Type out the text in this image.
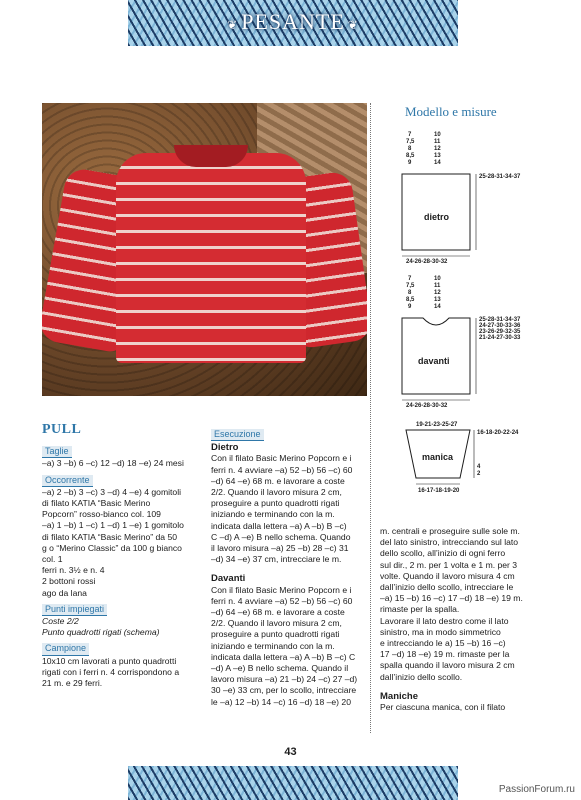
❦ PESANTE ❦
Modello e misure
7
7,5
8
8,5
9
10
11
12
13
14
25-28-31-34-37
dietro
24-26-28-30-32
7
7,5
8
8,5
9
10
11
12
13
14
25-28-31-34-37
24-27-30-33-36
23-26-29-32-35
21-24-27-30-33
davanti
24-26-28-30-32
19-21-23-25-27
manica
16-18-20-22-24
4
2
16-17-18-19-20
PULL
Taglie
–a) 3 –b) 6 –c) 12 –d) 18 –e) 24 mesi
Occorrente
–a) 2 –b) 3 –c) 3 –d) 4 –e) 4 gomitoli
di filato KATIA “Basic Merino
Popcorn” rosso-bianco col. 109
–a) 1 –b) 1 –c) 1 –d) 1 –e) 1 gomitolo
di filato KATIA “Basic Merino” da 50
g o “Merino Classic” da 100 g bianco
col. 1
ferri n. 3½ e n. 4
2 bottoni rossi
ago da lana
Punti impiegati
Coste 2/2
Punto quadrotti rigati (schema)
Campione
10x10 cm lavorati a punto quadrotti
rigati con i ferri n. 4 corrispondono a
21 m. e 29 ferri.
Esecuzione
Dietro
Con il filato Basic Merino Popcorn e i
ferri n. 4 avviare –a) 52 –b) 56 –c) 60
–d) 64 –e) 68 m. e lavorare a coste
2/2. Quando il lavoro misura 2 cm,
proseguire a punto quadrotti rigati
iniziando e terminando con la m.
indicata dalla lettera –a) A –b) B –c)
C –d) A –e) B nello schema. Quando
il lavoro misura –a) 25 –b) 28 –c) 31
–d) 34 –e) 37 cm, intrecciare le m.
Davanti
Con il filato Basic Merino Popcorn e i
ferri n. 4 avviare –a) 52 –b) 56 –c) 60
–d) 64 –e) 68 m. e lavorare a coste
2/2. Quando il lavoro misura 2 cm,
proseguire a punto quadrotti rigati
iniziando e terminando con la m.
indicata dalla lettera –a) A –b) B –c) C
–d) A –e) B nello schema. Quando il
lavoro misura –a) 21 –b) 24 –c) 27 –d)
30 –e) 33 cm, per lo scollo, intrecciare
le –a) 12 –b) 14 –c) 16 –d) 18 –e) 20
m. centrali e proseguire sulle sole m.
del lato sinistro, intrecciando sul lato
dello scollo, all’inizio di ogni ferro
sul dir., 2 m. per 1 volta e 1 m. per 3
volte. Quando il lavoro misura 4 cm
dall’inizio dello scollo, intrecciare le
–a) 15 –b) 16 –c) 17 –d) 18 –e) 19 m.
rimaste per la spalla.
Lavorare il lato destro come il lato
sinistro, ma in modo simmetrico
e intrecciando le a) 15 –b) 16 –c)
17 –d) 18 –e) 19 m. rimaste per la
spalla quando il lavoro misura 2 cm
dall’inizio dello scollo.
Maniche
Per ciascuna manica, con il filato
43
PassionForum.ru
